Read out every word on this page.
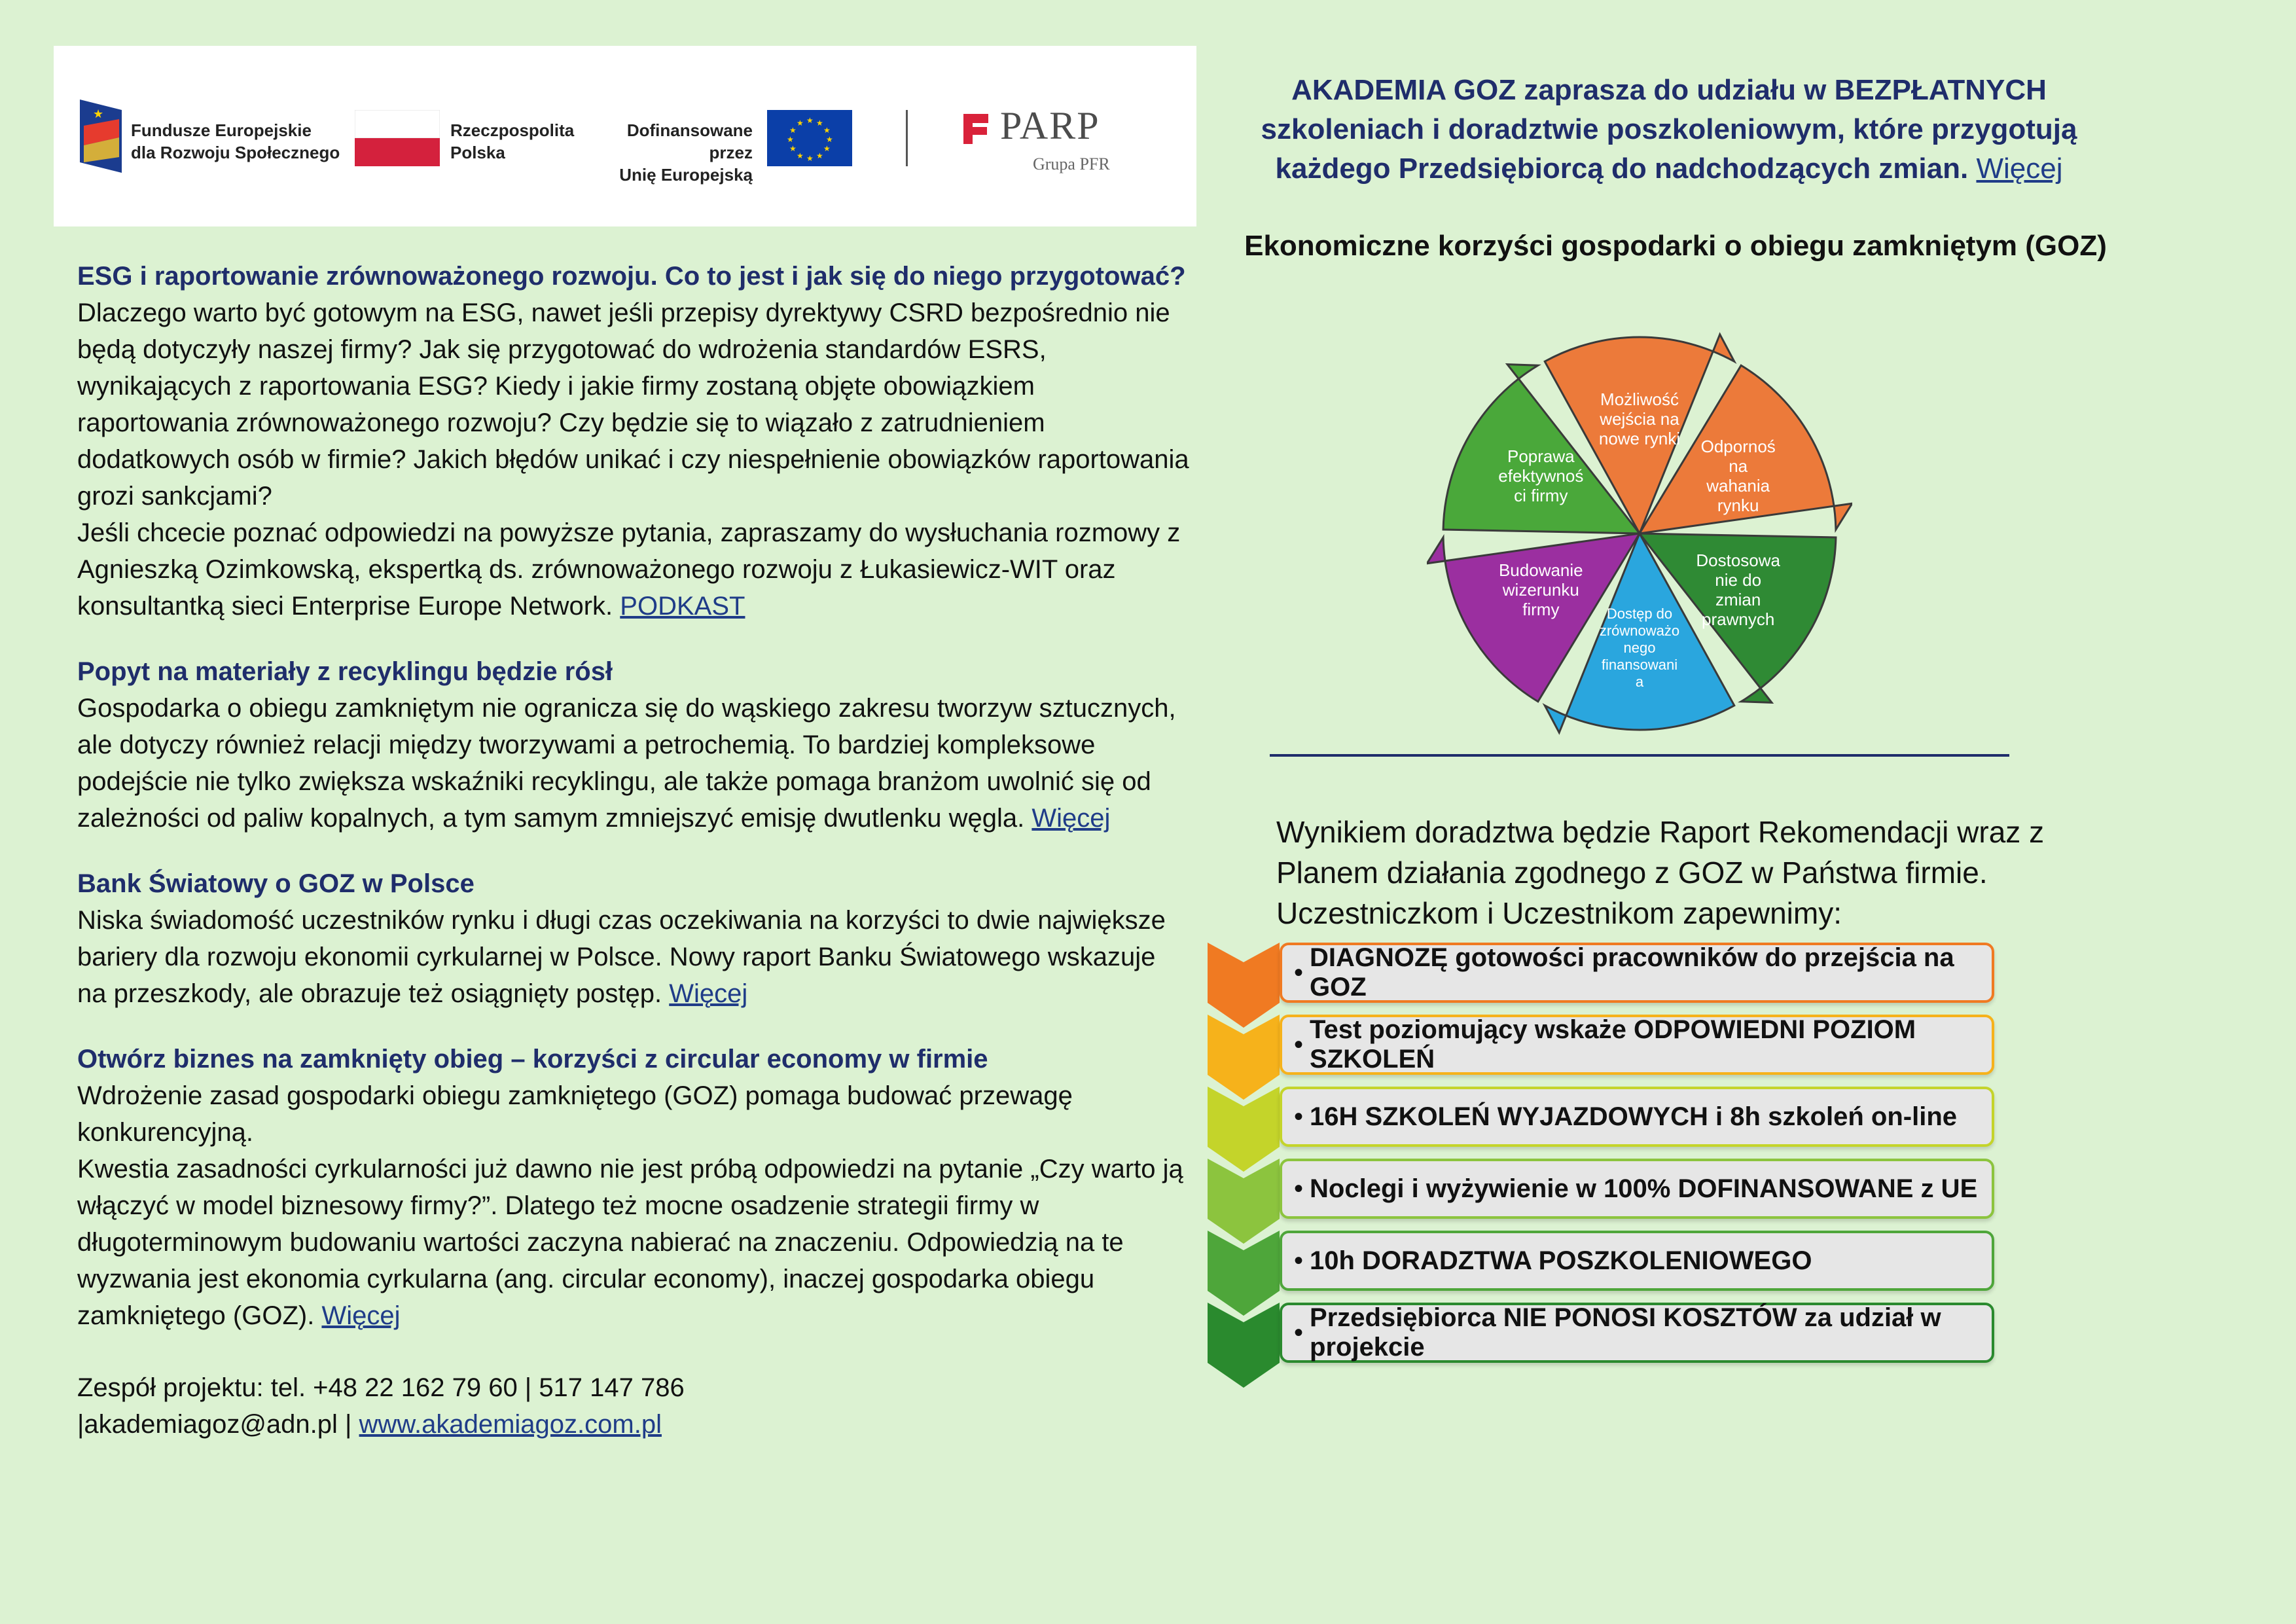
★
Fundusze Europejskie
dla Rozwoju Społecznego
Rzeczpospolita
Polska
Dofinansowane przez
Unię Europejską
★ ★
★
★
★
★
★
★
★
★
★
★	PARP
Grupa PFR
ESG i raportowanie zrównoważonego rozwoju. Co to jest i jak się do niego przygotować?

Dlaczego warto być gotowym na ESG, nawet jeśli przepisy dyrektywy CSRD bezpośrednio nie będą dotyczyły naszej firmy? Jak się przygotować do wdrożenia standardów ESRS, wynikających z raportowania ESG? Kiedy i jakie firmy zostaną objęte obowiązkiem raportowania zrównoważonego rozwoju? Czy będzie się to wiązało z zatrudnieniem dodatkowych osób w firmie? Jakich błędów unikać i czy niespełnienie obowiązków raportowania grozi sankcjami?

Jeśli chcecie poznać odpowiedzi na powyższe pytania, zapraszamy do wysłuchania rozmowy z Agnieszką Ozimkowską, ekspertką ds. zrównoważonego rozwoju z Łukasiewicz-WIT oraz konsultantką sieci Enterprise Europe Network. PODKAST

Popyt na materiały z recyklingu będzie rósł

Gospodarka o obiegu zamkniętym nie ogranicza się do wąskiego zakresu tworzyw sztucznych, ale dotyczy również relacji między tworzywami a petrochemią. To bardziej kompleksowe podejście nie tylko zwiększa wskaźniki recyklingu, ale także pomaga branżom uwolnić się od zależności od paliw kopalnych, a tym samym zmniejszyć emisję dwutlenku węgla. Więcej

Bank Światowy o GOZ w Polsce

Niska świadomość uczestników rynku i długi czas oczekiwania na korzyści to dwie największe bariery dla rozwoju ekonomii cyrkularnej w Polsce. Nowy raport Banku Światowego wskazuje na przeszkody, ale obrazuje też osiągnięty postęp. Więcej

Otwórz biznes na zamknięty obieg – korzyści z circular economy w firmie

Wdrożenie zasad gospodarki obiegu zamkniętego (GOZ) pomaga budować przewagę konkurencyjną.

Kwestia zasadności cyrkularności już dawno nie jest próbą odpowiedzi na pytanie „Czy warto ją włączyć w model biznesowy firmy?”. Dlatego też mocne osadzenie strategii firmy w długoterminowym budowaniu wartości zaczyna nabierać na znaczeniu. Odpowiedzią na te wyzwania jest ekonomia cyrkularna (ang. circular economy), inaczej gospodarka obiegu zamkniętego (GOZ). Więcej

Zespół projektu: tel. +48 22 162 79 60 | 517 147 786 |akademiagoz@adn.pl | www.akademiagoz.com.pl

AKADEMIA GOZ zaprasza do udziału w BEZPŁATNYCH szkoleniach i doradztwie poszkoleniowym, które przygotują każdego Przedsiębiorcą do nadchodzących zmian. Więcej
Ekonomiczne korzyści gospodarki o obiegu zamkniętym (GOZ)
Możliwość wejścia na nowe rynki Odpornoś na wahania rynku
Dostosowa nie do zmian prawnych
Dostęp do zrównoważo nego finansowani a
Budowanie wizerunku firmy
Poprawa efektywnoś ci firmy
Wynikiem doradztwa będzie Raport Rekomendacji wraz z Planem działania zgodnego z GOZ w Państwa firmie. Uczestniczkom i Uczestnikom zapewnimy:
•
DIAGNOZĘ gotowości pracowników do przejścia na GOZ
•
Test poziomujący wskaże ODPOWIEDNI POZIOM SZKOLEŃ
• 16H SZKOLEŃ WYJAZDOWYCH i 8h szkoleń on-line
• Noclegi i wyżywienie w 100% DOFINANSOWANE z UE
• 10h DORADZTWA POSZKOLENIOWEGO
•
Przedsiębiorca NIE PONOSI KOSZTÓW za udział w projekcie
